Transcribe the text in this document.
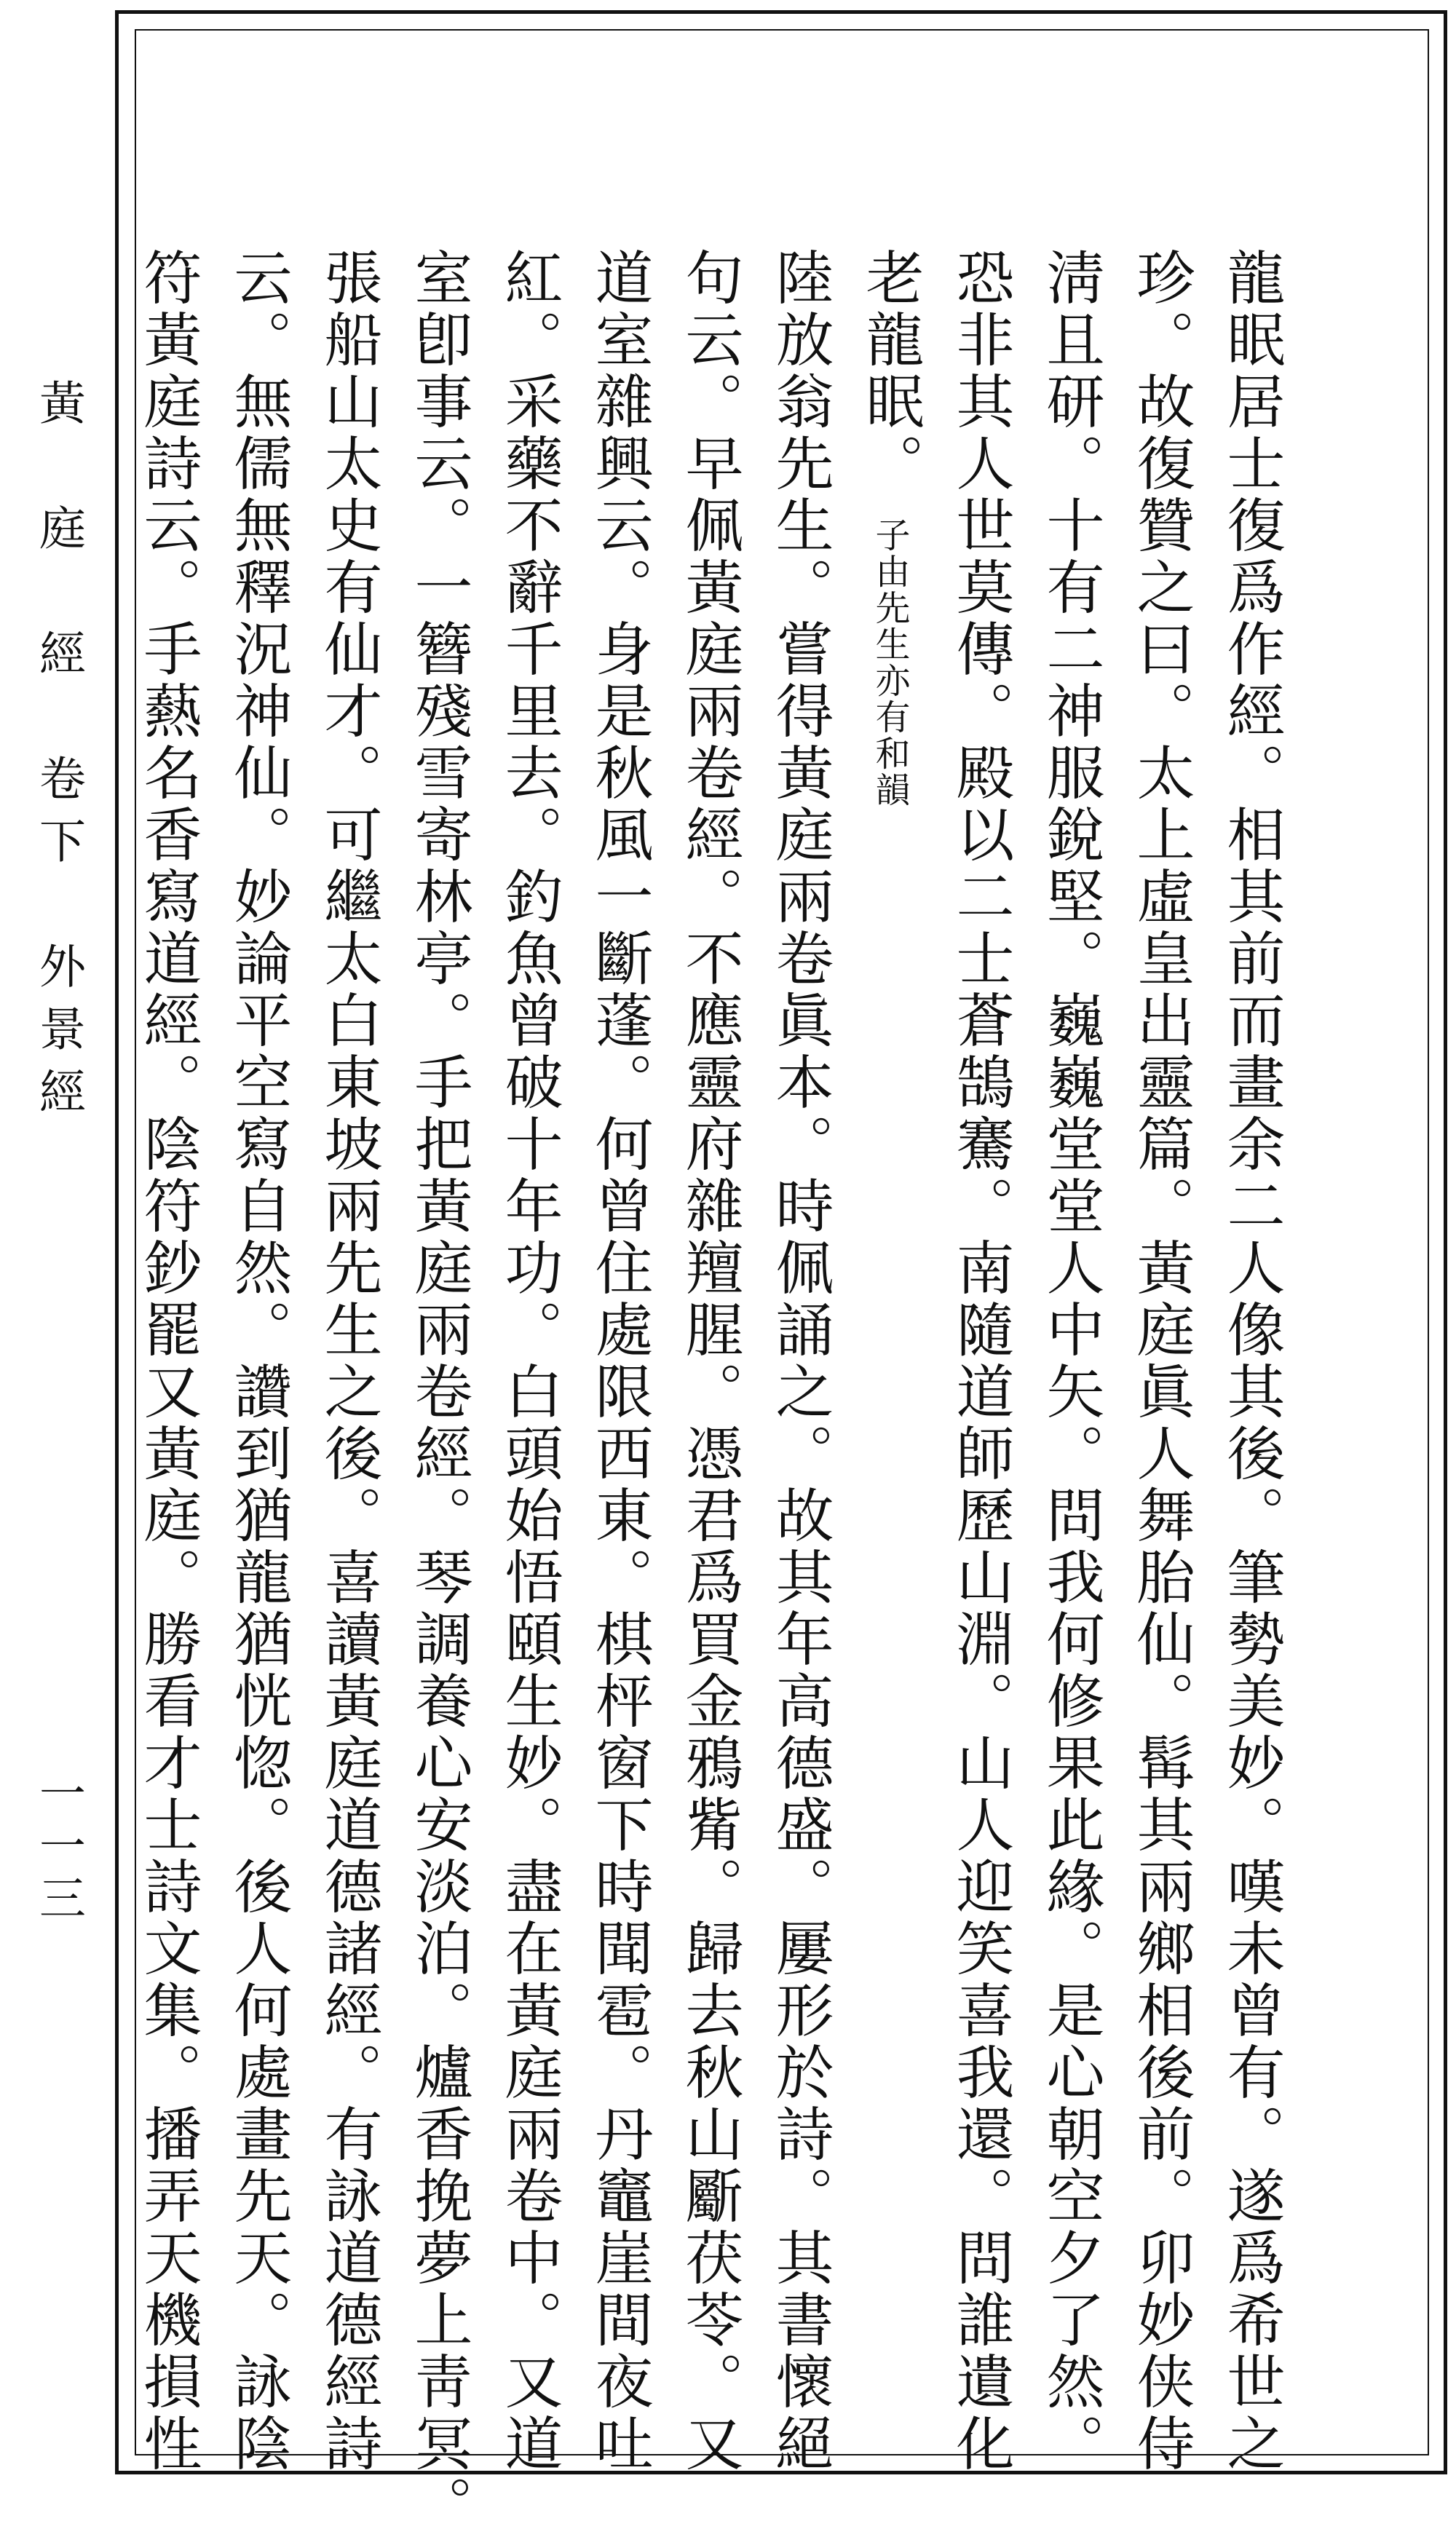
黃　庭　經　卷下　外景經
一一三	龍眠居士復爲作經。相其前而畫余二人像其後。筆勢美妙。嘆未曾有。遂爲希世之

珍。故復贊之曰。太上虛皇出靈篇。黃庭眞人舞胎仙。髯其兩鄉相後前。卯妙侠侍

淸且研。十有二神服銳堅。巍巍堂堂人中矢。問我何修果此緣。是心朝空夕了然。

恐非其人世莫傳。殿以二士蒼鵠騫。南隨道師歷山淵。山人迎笑喜我還。問誰遺化

老龍眠。子由先生亦有和韻

陸放翁先生。嘗得黃庭兩卷眞本。時佩誦之。故其年高德盛。屢形於詩。其書懷絕

句云。早佩黃庭兩卷經。不應靈府雜羶腥。憑君爲買金鴉觜。歸去秋山斸茯苓。又

道室雜興云。身是秋風一斷蓬。何曾住處限西東。棋枰窗下時聞雹。丹竈崖間夜吐

紅。采藥不辭千里去。釣魚曾破十年功。白頭始悟頤生妙。盡在黃庭兩卷中。又道

室卽事云。一簪殘雪寄林亭。手把黃庭兩卷經。琴調養心安淡泊。爐香挽夢上靑冥。

張船山太史有仙才。可繼太白東坡兩先生之後。喜讀黃庭道德諸經。有詠道德經詩

云。無儒無釋況神仙。妙論平空寫自然。讚到猶龍猶恍惚。後人何處畫先天。詠陰

符黃庭詩云。手爇名香寫道經。陰符鈔罷又黃庭。勝看才士詩文集。播弄天機損性
